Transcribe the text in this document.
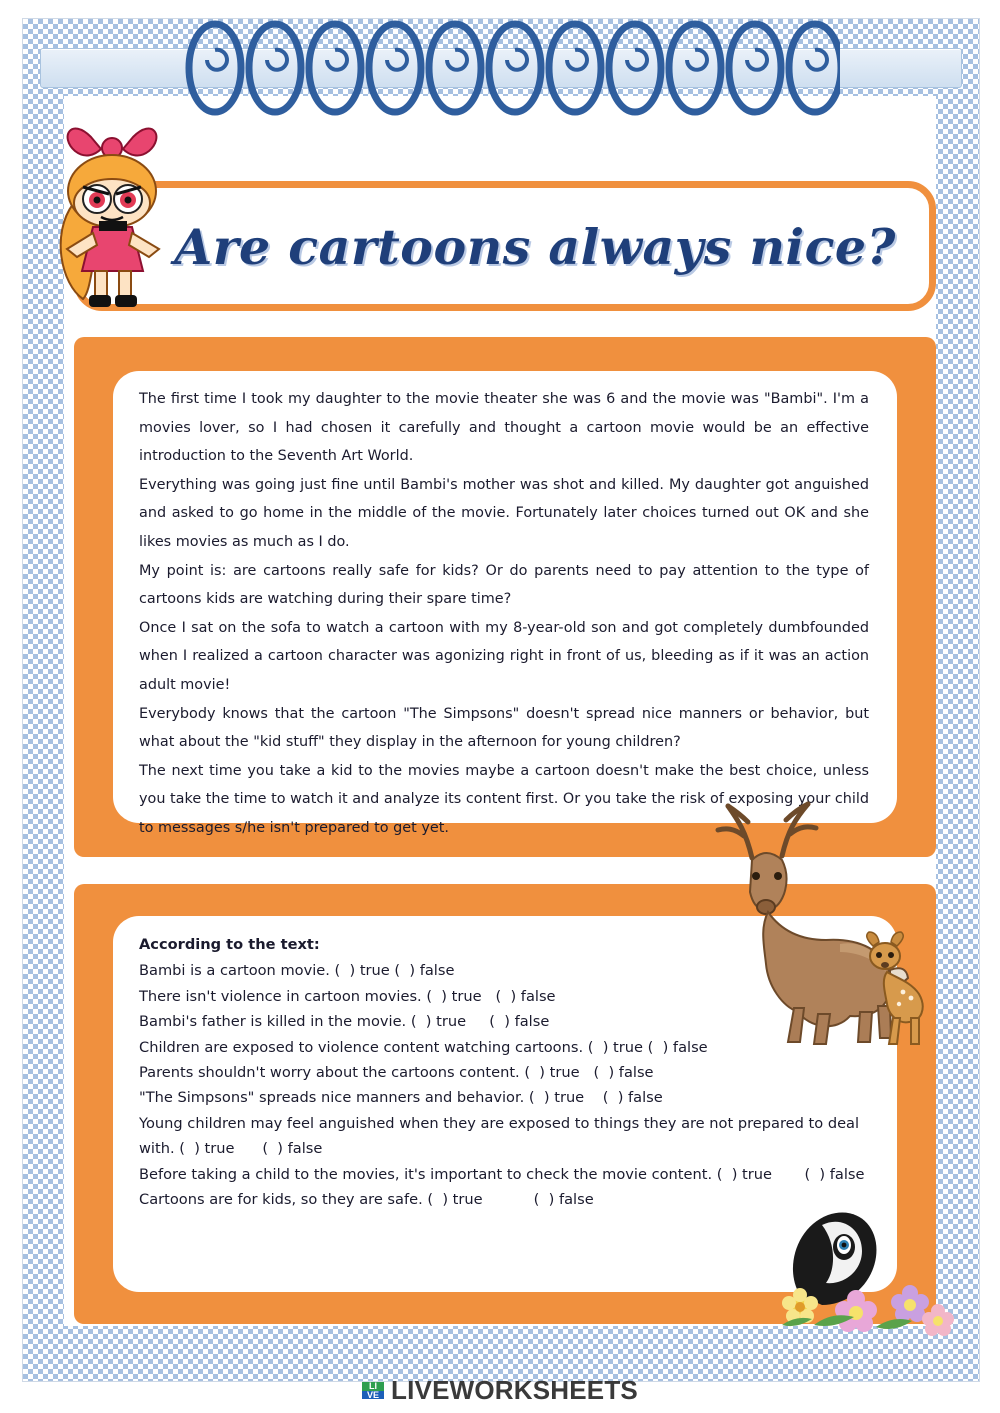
Are cartoons always nice?

The first time I took my daughter to the movie theater she was 6 and the movie was "Bambi". I'm a movies lover, so I had chosen it carefully and thought a cartoon movie would be an effective introduction to the Seventh Art World.

Everything was going just fine until Bambi's mother was shot and killed. My daughter got anguished and asked to go home in the middle of the movie. Fortunately later choices turned out OK and she likes movies as much as I do.

My point is: are cartoons really safe for kids? Or do parents need to pay attention to the type of cartoons kids are watching during their spare time?

Once I sat on the sofa to watch a cartoon with my 8-year-old son and got completely dumbfounded when I realized a cartoon character was agonizing right in front of us, bleeding as if it was an action adult movie!

Everybody knows that the cartoon "The Simpsons" doesn't spread nice manners or behavior, but what about the "kid stuff" they display in the afternoon for young children?

The next time you take a kid to the movies maybe a cartoon doesn't make the best choice, unless you take the time to watch it and analyze its content first. Or you take the risk of exposing your child to messages s/he isn't prepared to get yet.

According to the text:
Bambi is a cartoon movie. (  ) true (  ) false
There isn't violence in cartoon movies. (  ) true   (  ) false
Bambi's father is killed in the movie. (  ) true     (  ) false
Children are exposed to violence content watching cartoons. (  ) true (  ) false
Parents shouldn't worry about the cartoons content. (  ) true   (  ) false
"The Simpsons" spreads nice manners and behavior. (  ) true    (  ) false
Young children may feel anguished when they are exposed to things they are not prepared to deal with. (  ) true      (  ) false
Before taking a child to the movies, it's important to check the movie content. (  ) true       (  ) false
Cartoons are for kids, so they are safe. (  ) true           (  ) false
LI
VE LIVEWORKSHEETS
